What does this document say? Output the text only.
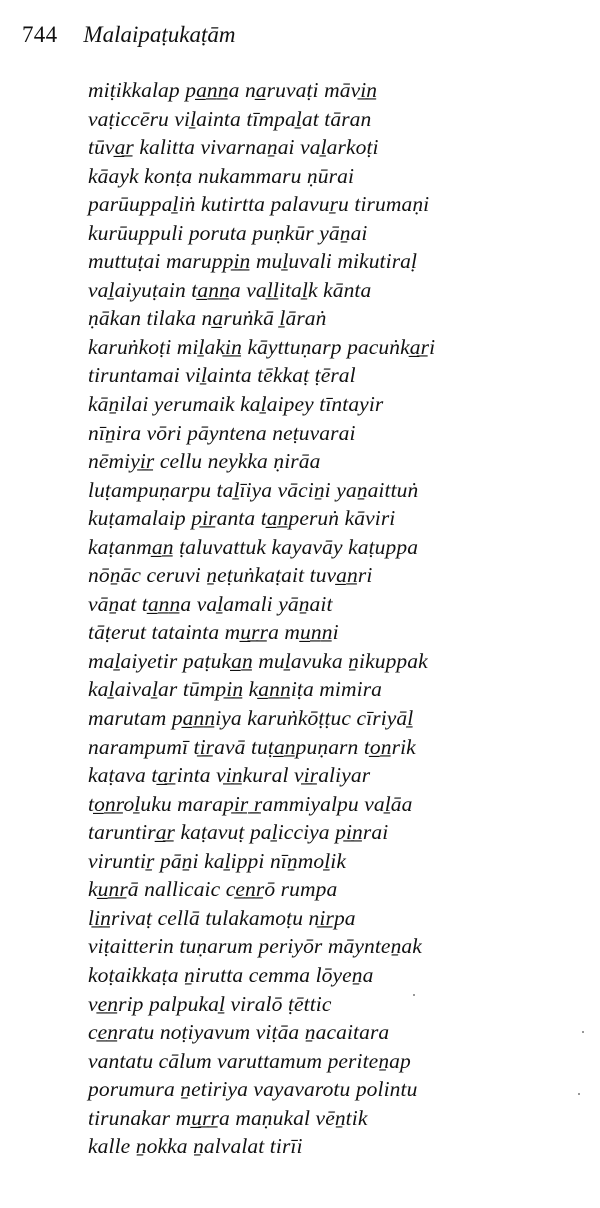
744 Malaipaṭukaṭām
miṭikkalap pa̲n̲n̲a na̲ruvaṭi māvi̲n̲
vaṭiccēru viḻainta tīmpaḻat tāran
tūva̲r̲ kalitta vivarnaṉai vaḻarkoṭi
kāayk konṭa nukammaru ṇūrai
parūuppaḻiṅ kutirtta palavuṟu tirumaṇi
kurūuppuli poruta puṇkūr yāṉai
muttuṭai maruppi̲n̲ muḻuvali mikutiraḷ
vaḻaiyuṭain ta̲n̲n̲a vaḻḻitaḻk kānta
ṇākan tilaka na̲ruṅkā ḻāraṅ
karuṅkoṭi miḻaki̲n̲ kāyttuṇarp pacuṅka̲r̲i
tiruntamai viḻainta tēkkaṭ ṭēral
kāṉilai yerumaik kaḻaipey tīntayir
nīṉira vōri pāyntena neṭuvarai
nēmiyi̲r̲ cellu neykka ṇirāa
luṭampuṇarpu taḻīiya vāciṉi yaṉaittuṅ
kuṭamalaip pi̲r̲anta ta̲n̲peruṅ kāviri
kaṭanma̲n̲ ṭaluvattuk kayavāy kaṭuppa
nōṉāc ceruvi ṉeṭuṅkaṭait tuva̲n̲ri
vāṉat ta̲n̲n̲a vaḻamali yāṉait
tāṭerut tatainta mu̲r̲r̲a mu̲n̲n̲i
maḻaiyetir paṭuka̲n̲ muḻavuka ṉikuppak
kaḻaivaḻar tūmpi̲n̲ ka̲n̲n̲iṭa mimira
marutam pa̲n̲n̲iya karuṅkōṭṭuc cīriyāḻ
narampumī ti̲r̲avā tuṭa̲n̲puṇarn to̲n̲rik
kaṭava ta̲r̲inta vi̲n̲kural vi̲r̲aliyar
to̲n̲r̲oḻuku marapi̲r̲ ̲r̲ammiyalpu vaḻāa
taruntira̲r̲ kaṭavuṭ paḻicciya pi̲n̲rai
viruntiṟ pāṉi kaḻippi nīṉmoḻik
ku̲n̲r̲ā nallicaic ce̲n̲r̲ō rumpa
li̲n̲rivaṭ cellā tulakamoṭu ni̲r̲pa
viṭaitterin tuṇarum periyōr māynteṉak
koṭaikkaṭa ṉirutta cemma lōyeṉa
ve̲n̲rip palpukaḻ viralō ṭēttic
ce̲n̲ratu noṭiyavum viṭāa ṉacaitara
vantatu cālum varuttamum periteṉap
porumura ṉetiriya vayavarotu polintu
tirunakar mu̲r̲r̲a maṇukal vēṉtik
kalle ṉokka ṉalvalat tirīi
